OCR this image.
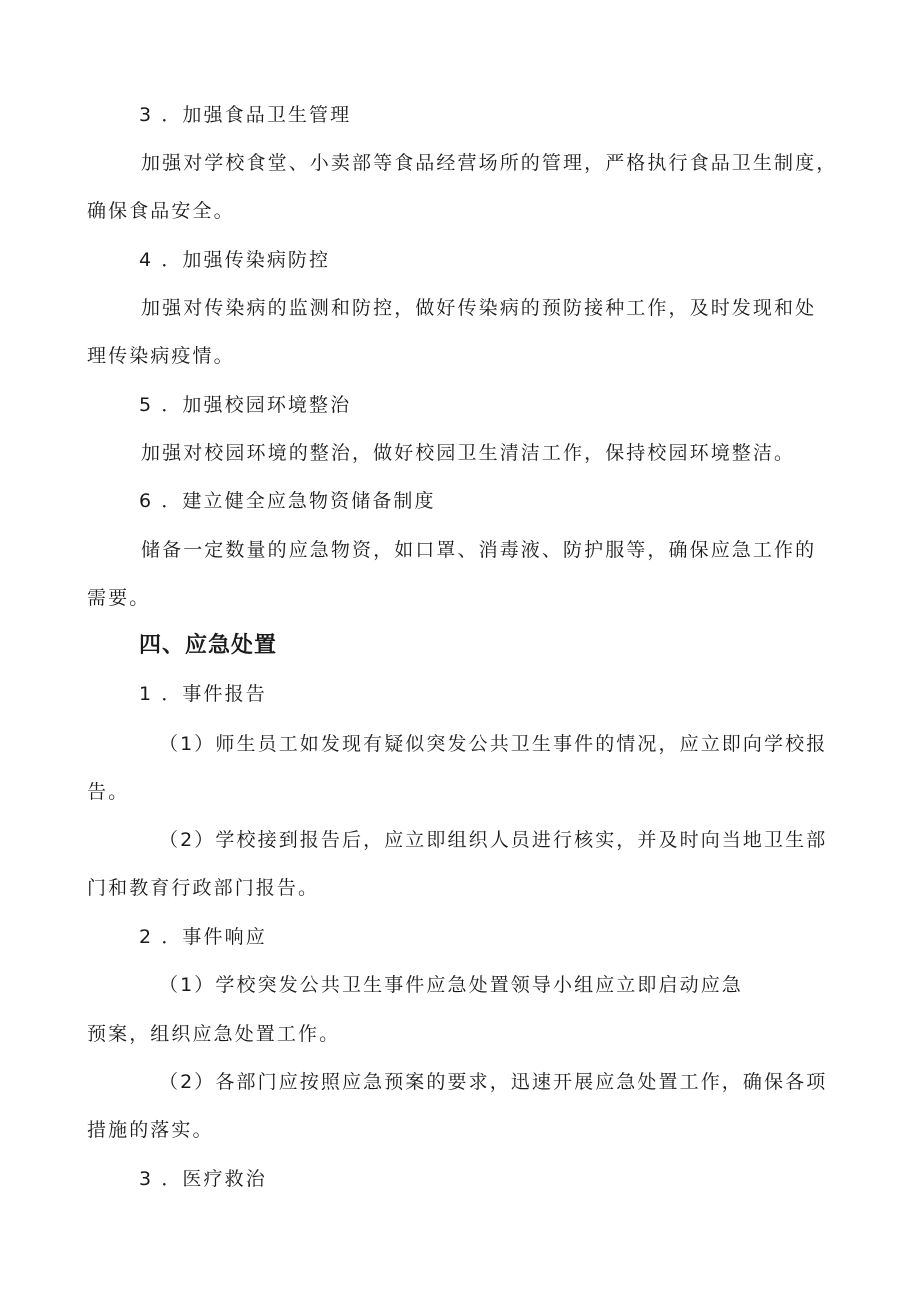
3 ．加强食品卫生管理
加强对学校食堂、小卖部等食品经营场所的管理，严格执行食品卫生制度，
确保食品安全。
4 ．加强传染病防控
加强对传染病的监测和防控，做好传染病的预防接种工作，及时发现和处
理传染病疫情。
5 ．加强校园环境整治
加强对校园环境的整治，做好校园卫生清洁工作，保持校园环境整洁。
6 ．建立健全应急物资储备制度
储备一定数量的应急物资，如口罩、消毒液、防护服等，确保应急工作的
需要。
四、应急处置
1 ．事件报告
（1）师生员工如发现有疑似突发公共卫生事件的情况，应立即向学校报
告。
（2）学校接到报告后，应立即组织人员进行核实，并及时向当地卫生部
门和教育行政部门报告。
2 ．事件响应
（1）学校突发公共卫生事件应急处置领导小组应立即启动应急
预案，组织应急处置工作。
（2）各部门应按照应急预案的要求，迅速开展应急处置工作，确保各项
措施的落实。
3 ．医疗救治
